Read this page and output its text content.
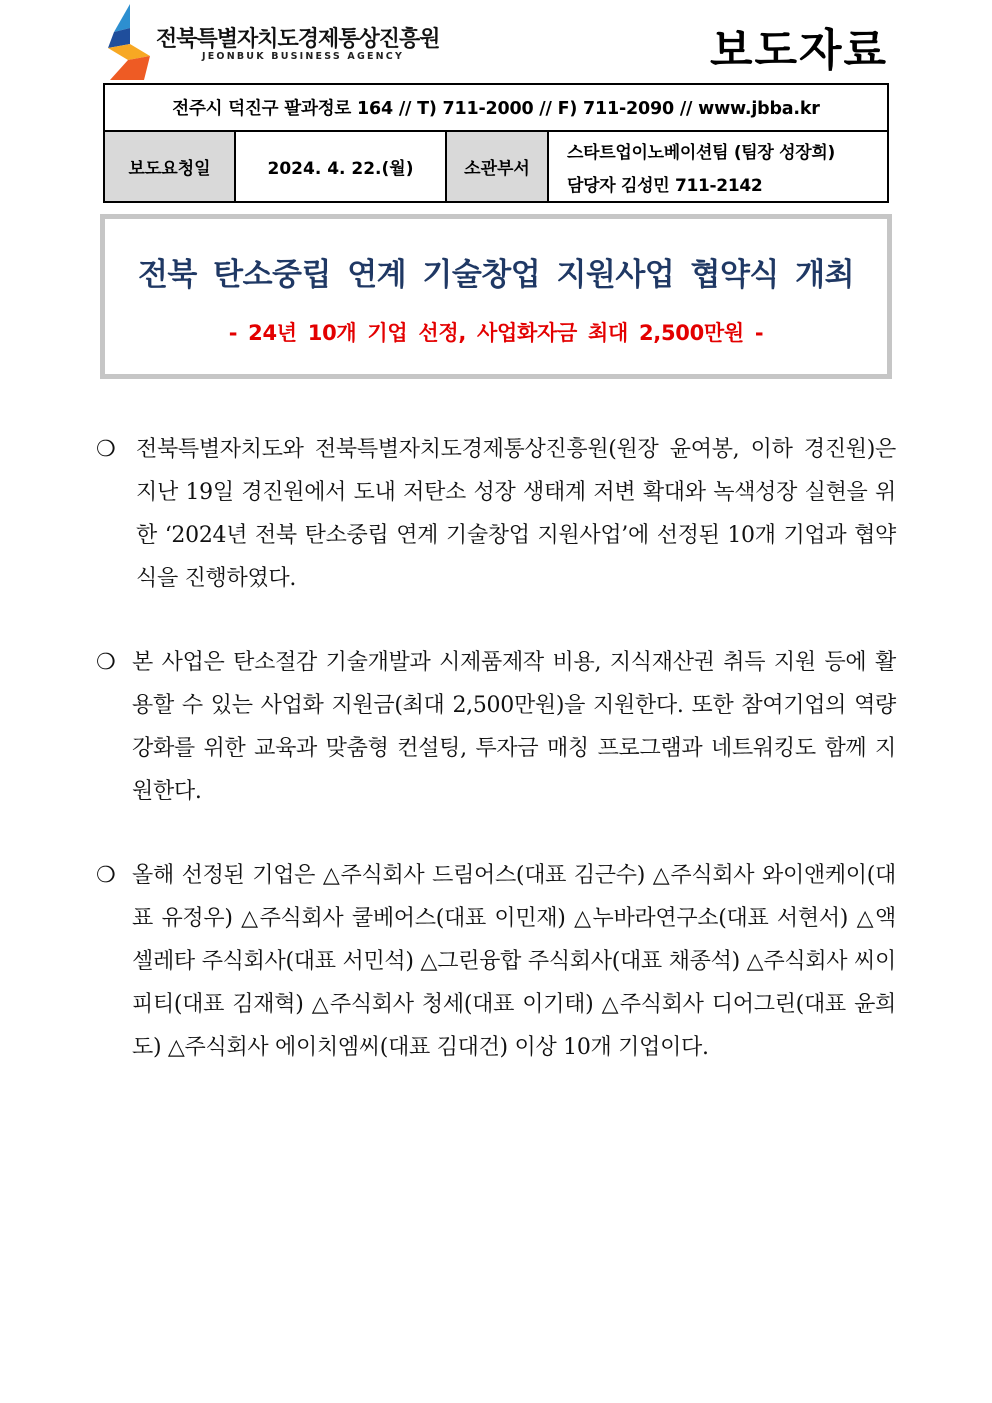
전북특별자치도경제통상진흥원
JEONBUK BUSINESS AGENCY	보도자료
전주시 덕진구 팔과정로 164 // T) 711-2000 // F) 711-2090 // www.jbba.kr
보도요청일	2024. 4. 22.(월)	소관부서
스타트업이노베이션팀 (팀장 성장희)
담당자 김성민 711-2142
전북 탄소중립 연계 기술창업 지원사업 협약식 개최
- 24년 10개 기업 선정, 사업화자금 최대 2,500만원 -
❍ 전북특별자치도와 전북특별자치도경제통상진흥원(원장 윤여봉, 이하 경진원)은 지난 19일 경진원에서 도내 저탄소 성장 생태계 저변 확대와 녹색성장 실현을 위한 ‘2024년 전북 탄소중립 연계 기술창업 지원사업’에 선정된 10개 기업과 협약식을 진행하였다.
❍ 본 사업은 탄소절감 기술개발과 시제품제작 비용, 지식재산권 취득 지원 등에 활용할 수 있는 사업화 지원금(최대 2,500만원)을 지원한다. 또한 참여기업의 역량강화를 위한 교육과 맞춤형 컨설팅, 투자금 매칭 프로그램과 네트워킹도 함께 지원한다.
❍ 올해 선정된 기업은 △주식회사 드림어스(대표 김근수) △주식회사 와이앤케이(대표 유정우) △주식회사 쿨베어스(대표 이민재) △누바라연구소(대표 서현서) △액셀레타 주식회사(대표 서민석) △그린융합 주식회사(대표 채종석) △주식회사 씨이피티(대표 김재혁) △주식회사 청세(대표 이기태) △주식회사 디어그린(대표 윤희도) △주식회사 에이치엠씨(대표 김대건) 이상 10개 기업이다.
